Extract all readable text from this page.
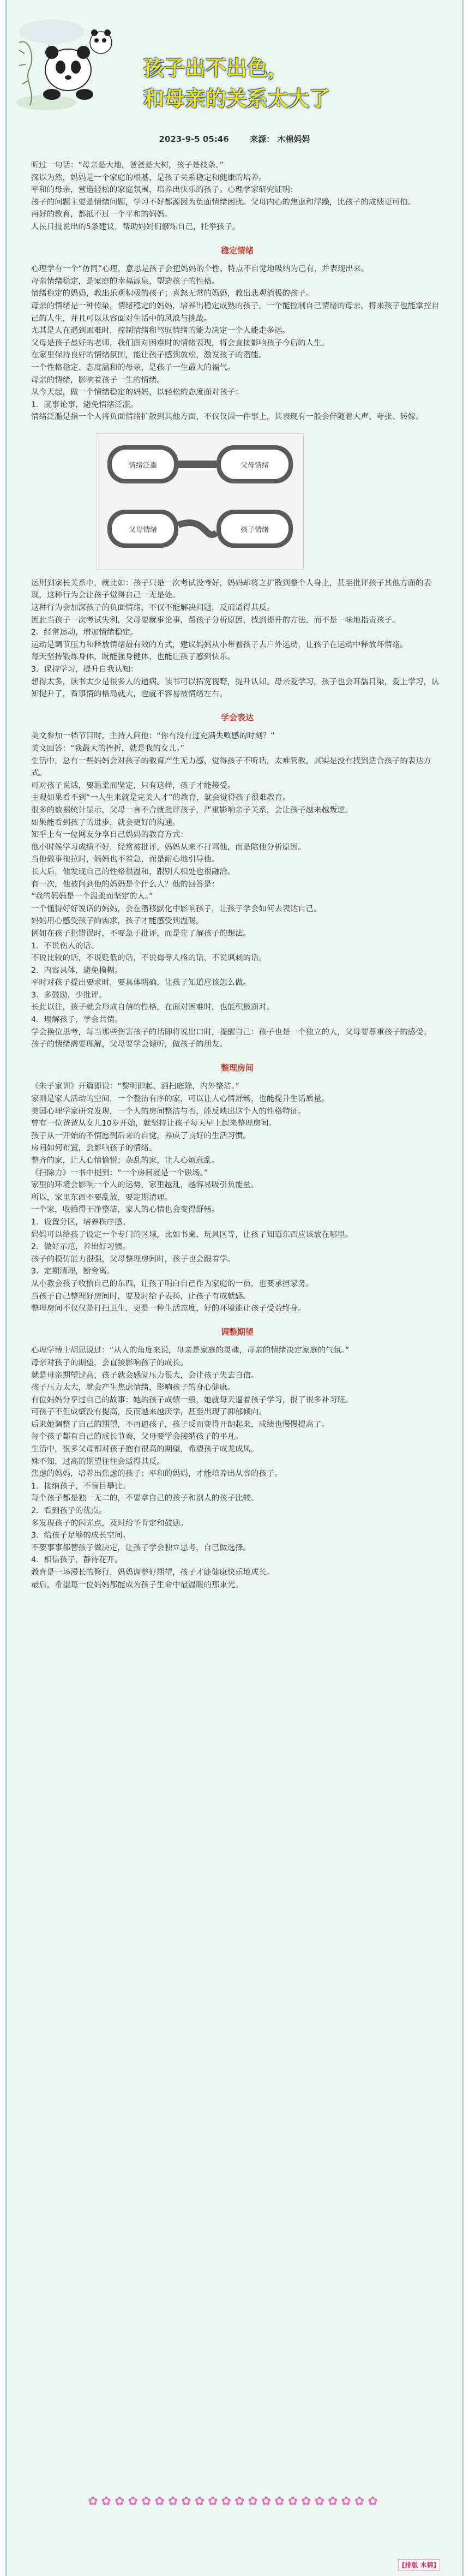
孩子出不出色，
和母亲的关系太大了
2023-9-5 05:46	来源： 木棉妈妈

听过一句话：“母亲是大地，爸爸是大树，孩子是枝条。”

探以为然，妈妈是一个家庭的根基，是孩子关系稳定和健康的培养。

平和的母亲，营造轻松的家庭氛围，培养出快乐的孩子。心理学家研究证明：

孩子的问题主要是情绪问题，学习不好都源因为负面情绪困扰。父母内心的焦虑和浮躁，比孩子的成绩更可怕。

再好的教育，都抵不过一个平和的妈妈。

人民日报说出的5条建议，帮助妈妈们修炼自己，托举孩子。

稳定情绪

心理学有一个“仿同”心理，意思是孩子会把妈妈的个性、特点不自觉地吸纳为己有，并表现出来。

母亲情绪稳定，是家庭的幸福源泉，塑造孩子的性格。

情绪稳定的妈妈，教出乐观积极的孩子；喜怒无常的妈妈，教出悲观消极的孩子。

母亲的情绪是一种传染，情绪稳定的妈妈，培养出稳定成熟的孩子。一个能控制自己情绪的母亲，将来孩子也能掌控自己的人生，并且可以从容面对生活中的风浪与挑战。

尤其是人在遇到困难时，控制情绪和驾驭情绪的能力决定一个人能走多远。

父母是孩子最好的老师，我们面对困难时的情绪表现，将会直接影响孩子今后的人生。

在家里保持良好的情绪氛围，能让孩子感到放松，激发孩子的潜能。

一个性格稳定、态度温和的母亲，是孩子一生最大的福气。

母亲的情绪，影响着孩子一生的情绪。

从今天起，做一个情绪稳定的妈妈，以轻松的态度面对孩子：

1．就事论事，避免情绪泛滥。

情绪泛滥是指一个人将负面情绪扩散到其他方面，不仅仅因一件事上，其表现有一般会伴随着大声、夸张、转嫁。

情绪泛滥	父母情绪
父母情绪	孩子情绪

运用到家长关系中，就比如：孩子只是一次考试没考好，妈妈却将之扩散到整个人身上，甚至批评孩子其他方面的表现，这种行为会让孩子觉得自己一无是处。

这种行为会加深孩子的负面情绪，不仅不能解决问题，反而适得其反。

因此当孩子一次考试失利，父母要就事论事，帮孩子分析原因，找到提升的方法，而不是一味地指责孩子。

2．经常运动，增加情绪稳定。

运动是调节压力和释放情绪最有效的方式，建议妈妈从小带着孩子去户外运动，让孩子在运动中释放坏情绪。

每天坚持锻炼身体，既能强身健体，也能让孩子感到快乐。

3．保持学习，提升自我认知：

想得太多，读书太少是很多人的通病。读书可以拓宽视野，提升认知。母亲爱学习，孩子也会耳濡目染，爱上学习，认知提升了，看事情的格局就大，也就不容易被情绪左右。

学会表达

美文参加一档节目时，主持人问他：“你有没有过充满失败感的时刻？”

美文回答：“我最大的挫折，就是我的女儿。”

生活中，总有一些妈妈会对孩子的教育产生无力感，觉得孩子不听话，太难管教，其实是没有找到适合孩子的表达方式。

可对孩子说话，要温柔而坚定，只有这样，孩子才能接受。

主观如果看不到“一人生来就是完美人才”的教育，就会觉得孩子很难教育。

很多的数据统计显示，父母一言不合就批评孩子，严重影响亲子关系，会让孩子越来越叛逆。

如果能看到孩子的进步，就会更好的沟通。

知乎上有一位网友分享自己妈妈的教育方式：

他小时候学习成绩不好，经常被批评，妈妈从来不打骂他，而是陪他分析原因。

当他做事拖拉时，妈妈也不着急，而是耐心地引导他。

长大后，他发现自己的性格很温和，跟别人相处也很融洽。

有一次，他被问到他的妈妈是个什么人？他的回答是：

“我的妈妈是一个温柔而坚定的人。”

一个懂得好好说话的妈妈，会在潜移默化中影响孩子，让孩子学会如何去表达自己。

妈妈用心感受孩子的需求，孩子才能感受到温暖。

例如在孩子犯错误时，不要急于批评，而是先了解孩子的想法。

1．不说伤人的话。

不说比较的话，不说贬低的话，不说侮辱人格的话，不说讽刺的话。

2．内容具体，避免模糊。

平时对孩子提出要求时，要具体明确，让孩子知道应该怎么做。

3．多鼓励，少批评。

长此以往，孩子就会形成自信的性格，在面对困难时，也能积极面对。

4．理解孩子，学会共情。

学会换位思考，每当那些伤害孩子的话即将说出口时，提醒自己：孩子也是一个独立的人，父母要尊重孩子的感受。

孩子的情绪需要理解，父母要学会倾听，做孩子的朋友。

整理房间

《朱子家训》开篇即说：“黎明即起，洒扫庭除，内外整洁。”

家则是家人活动的空间，一个整洁有序的家，可以让人心情舒畅，也能提升生活质量。

美国心理学家研究发现，一个人的房间整洁与否，能反映出这个人的性格特征。

曾有一位爸爸从女儿10岁开始，就坚持让孩子每天早上起来整理房间。

孩子从一开始的不情愿到后来的自觉，养成了良好的生活习惯。

房间如何布置，会影响孩子的情绪。

整齐的家，让人心情愉悦；杂乱的家，让人心烦意乱。

《扫除力》一书中提到：“一个房间就是一个磁场。”

家里的环境会影响一个人的运势，家里越乱，越容易吸引负能量。

所以，家里东西不要乱放，要定期清理。

一个家，收拾得干净整洁，家人的心情也会变得舒畅。

1．设置分区，培养秩序感。

妈妈可以给孩子设定一个专门的区域，比如书桌、玩具区等，让孩子知道东西应该放在哪里。

2．做好示范，养出好习惯。

孩子的模仿能力很强，父母整理房间时，孩子也会跟着学。

3．定期清理，断舍离。

从小教会孩子收拾自己的东西，让孩子明白自己作为家庭的一员，也要承担家务。

当孩子自己整理好房间时，要及时给予表扬，让孩子有成就感。

整理房间不仅仅是打扫卫生，更是一种生活态度，好的环境能让孩子受益终身。

调整期望

心理学博士胡思说过：“从人的角度来说，母亲是家庭的灵魂，母亲的情绪决定家庭的气氛。”

母亲对孩子的期望，会直接影响孩子的成长。

就是母亲期望过高，孩子就会感觉压力很大，会让孩子失去自信。

孩子压力太大，就会产生焦虑情绪，影响孩子的身心健康。

有位妈妈分享过自己的故事：她的孩子成绩一般，她就每天逼着孩子学习，报了很多补习班。

可孩子不但成绩没有提高，反而越来越厌学，甚至出现了抑郁倾向。

后来她调整了自己的期望，不再逼孩子，孩子反而变得开朗起来，成绩也慢慢提高了。

每个孩子都有自己的成长节奏，父母要学会接纳孩子的平凡。

生活中，很多父母都对孩子抱有很高的期望，希望孩子成龙成凤。

殊不知，过高的期望往往会适得其反。

焦虑的妈妈，培养出焦虑的孩子；平和的妈妈，才能培养出从容的孩子。

1．接纳孩子，不盲目攀比。

每个孩子都是独一无二的，不要拿自己的孩子和别人的孩子比较。

2．看到孩子的优点。

多发现孩子的闪光点，及时给予肯定和鼓励。

3．给孩子足够的成长空间。

不要事事都替孩子做决定，让孩子学会独立思考，自己做选择。

4．相信孩子，静待花开。

教育是一场漫长的修行，妈妈调整好期望，孩子才能健康快乐地成长。

最后，希望每一位妈妈都能成为孩子生命中最温暖的那束光。

✿✿✿✿✿✿✿✿✿✿✿✿✿✿✿✿✿✿✿✿✿✿
[排版 木棉]
